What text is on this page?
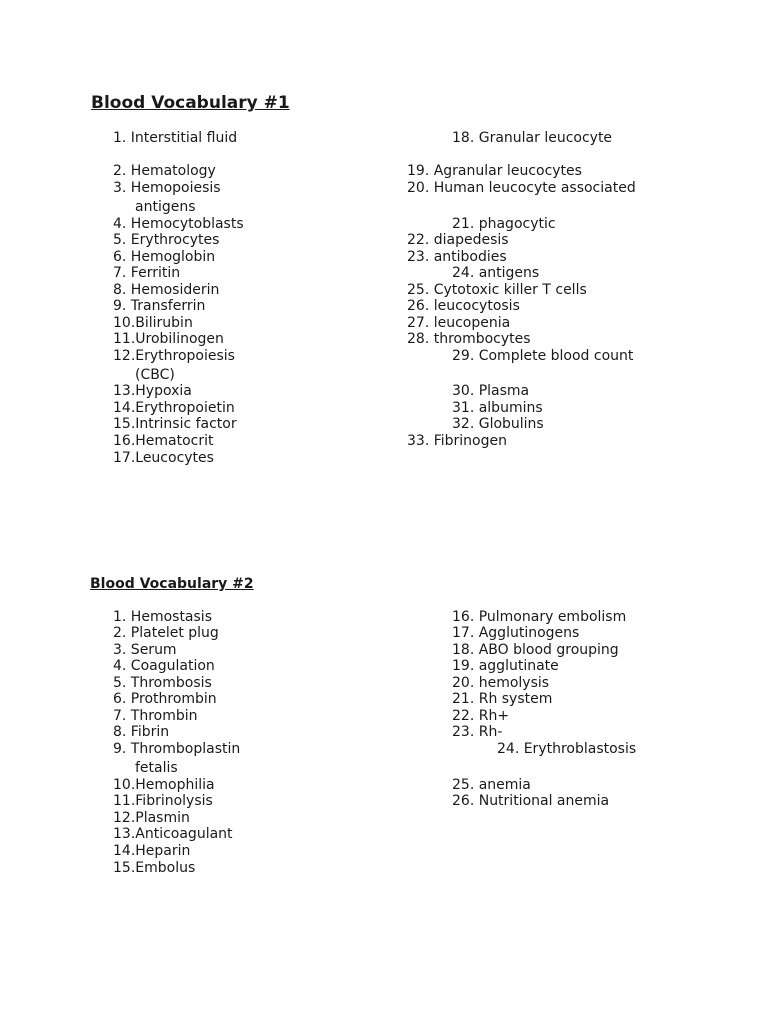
Blood Vocabulary #1
1. Interstitial fluid
2. Hematology
3. Hemopoiesis
antigens
4. Hemocytoblasts
5. Erythrocytes
6. Hemoglobin
7. Ferritin
8. Hemosiderin
9. Transferrin
10.Bilirubin
11.Urobilinogen
12.Erythropoiesis
(CBC)
13.Hypoxia
14.Erythropoietin
15.Intrinsic factor
16.Hematocrit
17.Leucocytes
18. Granular leucocyte
19. Agranular leucocytes
20. Human leucocyte associated
21. phagocytic
22. diapedesis
23. antibodies
24. antigens
25. Cytotoxic killer T cells
26. leucocytosis
27. leucopenia
28. thrombocytes
29. Complete blood count
30. Plasma
31. albumins
32. Globulins
33. Fibrinogen
Blood Vocabulary #2
1. Hemostasis
2. Platelet plug
3. Serum
4. Coagulation
5. Thrombosis
6. Prothrombin
7. Thrombin
8. Fibrin
9. Thromboplastin
fetalis
10.Hemophilia
11.Fibrinolysis
12.Plasmin
13.Anticoagulant
14.Heparin
15.Embolus
16. Pulmonary embolism
17. Agglutinogens
18. ABO blood grouping
19. agglutinate
20. hemolysis
21. Rh system
22. Rh+
23. Rh-
24. Erythroblastosis
25. anemia
26. Nutritional anemia
